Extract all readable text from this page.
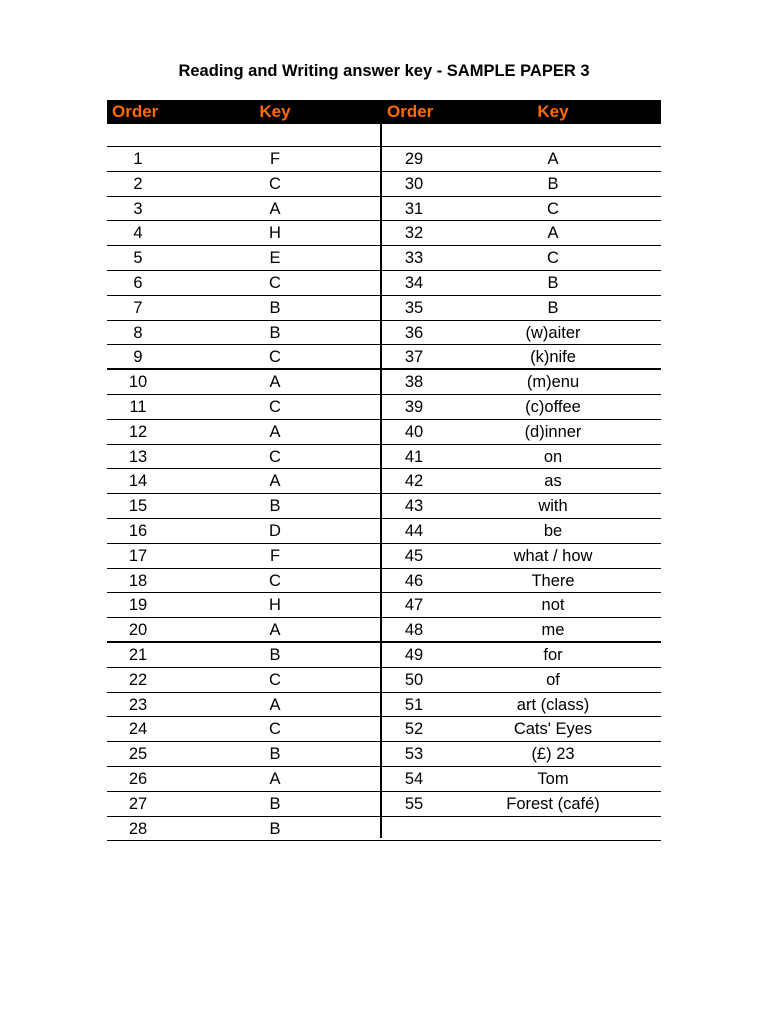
Reading and Writing answer key - SAMPLE PAPER 3
Order	Key	Order	Key
1	F	29	A
2	C	30	B
3	A	31	C
4	H	32	A
5	E	33	C
6	C	34	B
7	B	35	B
8	B	36	(w)aiter
9	C	37	(k)nife
10	A	38	(m)enu
11	C	39	(c)offee
12	A	40	(d)inner
13	C	41	on
14	A	42	as
15	B	43	with
16	D	44	be
17	F	45	what / how
18	C	46	There
19	H	47	not
20	A	48	me
21	B	49	for
22	C	50	of
23	A	51	art (class)
24	C	52	Cats' Eyes
25	B	53	(£) 23
26	A	54	Tom
27	B	55	Forest (café)
28	B
